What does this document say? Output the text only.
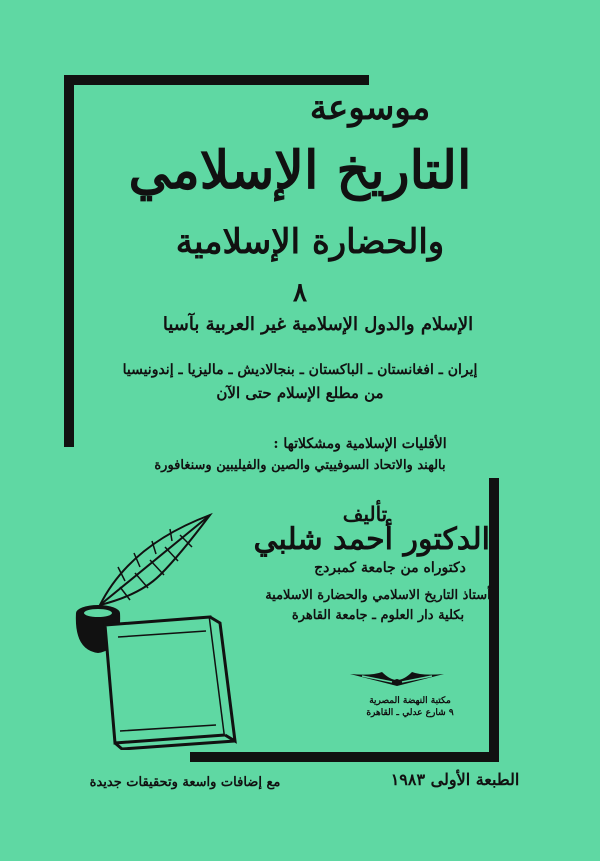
موسوعة
التاريخ الإسلامي
والحضارة الإسلامية
٨
الإسلام والدول الإسلامية غير العربية بآسيا
إيران ـ افغانستان ـ الباكستان ـ بنجالاديش ـ ماليزيا ـ إندونيسيا
من مطلع الإسلام حتى الآن
الأقليات الإسلامية ومشكلاتها :
بالهند والاتحاد السوفييتي والصين والفيليبين وسنغافورة
تأليف
الدكتور أحمد شلبي
دكتوراه من جامعة كمبردج
أستاذ التاريخ الاسلامي والحضارة الاسلامية
بكلية دار العلوم ـ جامعة القاهرة
مكتبة النهضة المصرية
٩ شارع عدلي ـ القاهرة
الطبعة الأولى ١٩٨٣
مع إضافات واسعة وتحقيقات جديدة
